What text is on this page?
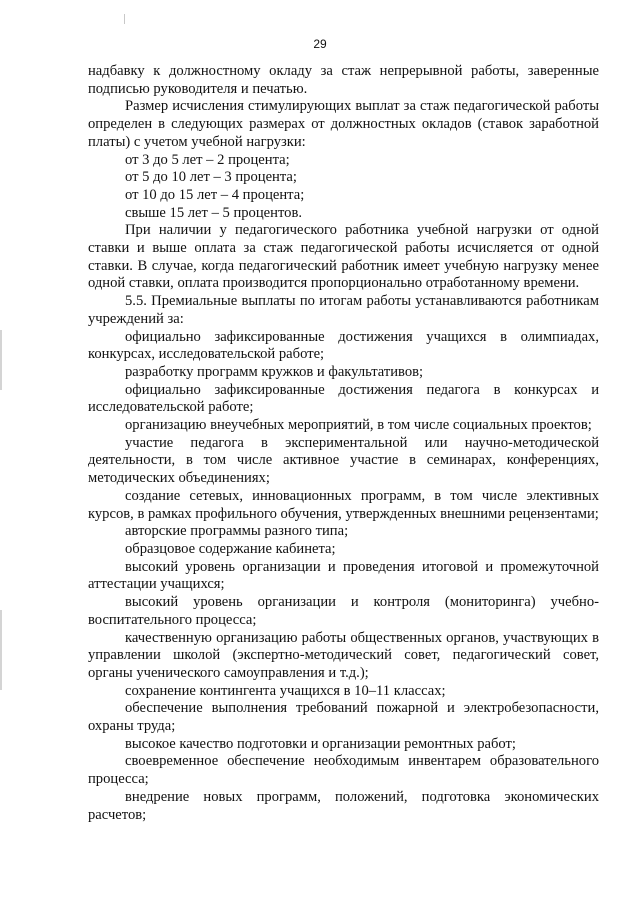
29

надбавку к должностному окладу за стаж непрерывной работы, заверенные подписью руководителя и печатью.

Размер исчисления стимулирующих выплат за стаж педагогической работы определен в следующих размерах от должностных окладов (ставок заработной платы) с учетом учебной нагрузки:

от 3 до 5 лет – 2 процента;

от 5 до 10 лет – 3 процента;

от 10 до 15 лет – 4 процента;

свыше 15 лет – 5 процентов.

При наличии у педагогического работника учебной нагрузки от одной ставки и выше оплата за стаж педагогической работы исчисляется от одной ставки. В случае, когда педагогический работник имеет учебную нагрузку менее одной ставки, оплата производится пропорционально отработанному времени.

5.5. Премиальные выплаты по итогам работы устанавливаются работникам учреждений за:

официально зафиксированные достижения учащихся в олимпиадах, конкурсах, исследовательской работе;

разработку программ кружков и факультативов;

официально зафиксированные достижения педагога в конкурсах и исследовательской работе;

организацию внеучебных мероприятий, в том числе социальных проектов;

участие педагога в экспериментальной или научно-методической деятельности, в том числе активное участие в семинарах, конференциях, методических объединениях;

создание сетевых, инновационных программ, в том числе элективных курсов, в рамках профильного обучения, утвержденных внешними рецензентами;

авторские программы разного типа;

образцовое содержание кабинета;

высокий уровень организации и проведения итоговой и промежуточной аттестации учащихся;

высокий уровень организации и контроля (мониторинга) учебно-воспитательного процесса;

качественную организацию работы общественных органов, участвующих в управлении школой (экспертно-методический совет, педагогический совет, органы ученического самоуправления и т.д.);

сохранение контингента учащихся в 10–11 классах;

обеспечение выполнения требований пожарной и электробезопасности, охраны труда;

высокое качество подготовки и организации ремонтных работ;

своевременное обеспечение необходимым инвентарем образовательного процесса;

внедрение новых программ, положений, подготовка экономических расчетов;
